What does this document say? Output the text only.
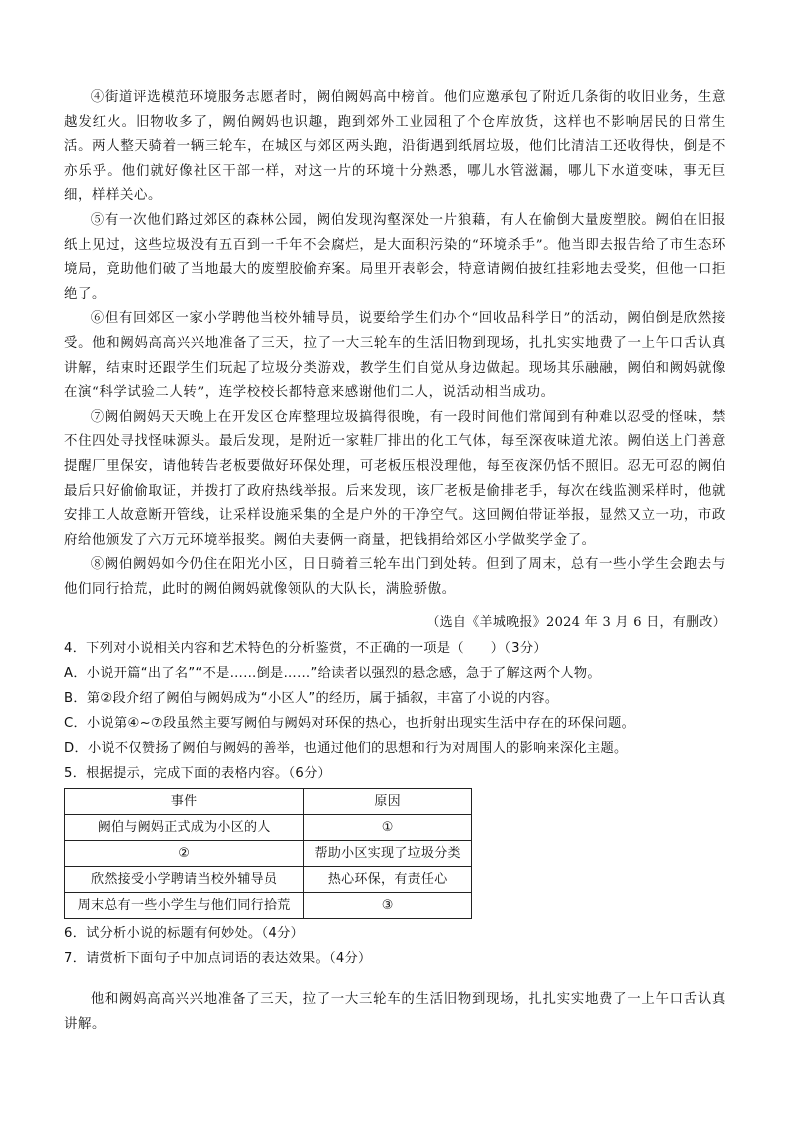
④街道评选模范环境服务志愿者时，阙伯阙妈高中榜首。他们应邀承包了附近几条街的收旧业务，生意越发红火。旧物收多了，阙伯阙妈也识趣，跑到郊外工业园租了个仓库放货，这样也不影响居民的日常生活。两人整天骑着一辆三轮车，在城区与郊区两头跑，沿街遇到纸屑垃圾，他们比清洁工还收得快，倒是不亦乐乎。他们就好像社区干部一样，对这一片的环境十分熟悉，哪儿水管滋漏，哪儿下水道变味，事无巨细，样样关心。

⑤有一次他们路过郊区的森林公园，阙伯发现沟壑深处一片狼藉，有人在偷倒大量废塑胶。阙伯在旧报纸上见过，这些垃圾没有五百到一千年不会腐烂，是大面积污染的“环境杀手”。他当即去报告给了市生态环境局，竟助他们破了当地最大的废塑胶偷弃案。局里开表彰会，特意请阙伯披红挂彩地去受奖，但他一口拒绝了。

⑥但有回郊区一家小学聘他当校外辅导员，说要给学生们办个“回收品科学日”的活动，阙伯倒是欣然接受。他和阙妈高高兴兴地准备了三天，拉了一大三轮车的生活旧物到现场，扎扎实实地费了一上午口舌认真讲解，结束时还跟学生们玩起了垃圾分类游戏，教学生们自觉从身边做起。现场其乐融融，阙伯和阙妈就像在演“科学试验二人转”，连学校校长都特意来感谢他们二人，说活动相当成功。

⑦阙伯阙妈天天晚上在开发区仓库整理垃圾搞得很晚，有一段时间他们常闻到有种难以忍受的怪味，禁不住四处寻找怪味源头。最后发现，是附近一家鞋厂排出的化工气体，每至深夜味道尤浓。阙伯送上门善意提醒厂里保安，请他转告老板要做好环保处理，可老板压根没理他，每至夜深仍恬不照旧。忍无可忍的阙伯最后只好偷偷取证，并拨打了政府热线举报。后来发现，该厂老板是偷排老手，每次在线监测采样时，他就安排工人故意断开管线，让采样设施采集的全是户外的干净空气。这回阙伯带证举报，显然又立一功，市政府给他颁发了六万元环境举报奖。阙伯夫妻俩一商量，把钱捐给郊区小学做奖学金了。

⑧阙伯阙妈如今仍住在阳光小区，日日骑着三轮车出门到处转。但到了周末，总有一些小学生会跑去与他们同行拾荒，此时的阙伯阙妈就像领队的大队长，满脸骄傲。

（选自《羊城晚报》2024 年 3 月 6 日，有删改）
4．下列对小说相关内容和艺术特色的分析鉴赏，不正确的一项是（　　）（3分）
A．小说开篇“出了名”“不是……倒是……”给读者以强烈的悬念感，急于了解这两个人物。
B．第②段介绍了阙伯与阙妈成为“小区人”的经历，属于插叙，丰富了小说的内容。
C．小说第④~⑦段虽然主要写阙伯与阙妈对环保的热心，也折射出现实生活中存在的环保问题。
D．小说不仅赞扬了阙伯与阙妈的善举，也通过他们的思想和行为对周围人的影响来深化主题。
5．根据提示，完成下面的表格内容。（6分）
事件	原因
阙伯与阙妈正式成为小区的人	①
②	帮助小区实现了垃圾分类
欣然接受小学聘请当校外辅导员	热心环保，有责任心
周末总有一些小学生与他们同行拾荒	③
6．试分析小说的标题有何妙处。（4分）
7．请赏析下面句子中加点词语的表达效果。（4分）
他和阙妈高高兴兴地准备了三天，拉了一大三轮车的生活旧物到现场，扎扎实实地费了一上午口舌认真讲解。
